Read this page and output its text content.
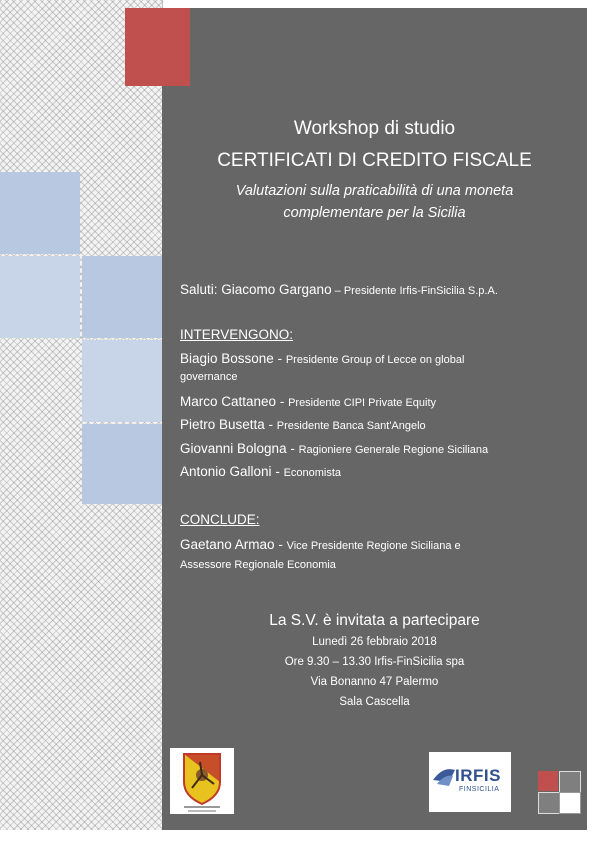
Workshop di studio
CERTIFICATI DI CREDITO FISCALE
Valutazioni sulla praticabilità di una moneta
complementare per la Sicilia
Saluti: Giacomo Gargano – Presidente Irfis-FinSicilia S.p.A.
INTERVENGONO:
Biagio Bossone - Presidente Group of Lecce on global
governance
Marco Cattaneo - Presidente CIPI Private Equity
Pietro Busetta - Presidente Banca Sant'Angelo
Giovanni Bologna - Ragioniere Generale Regione Siciliana
Antonio Galloni - Economista
CONCLUDE:
Gaetano Armao - Vice Presidente Regione Siciliana e
Assessore Regionale Economia
La S.V. è invitata a partecipare
Lunedì 26 febbraio 2018
Ore 9.30 – 13.30 Irfis-FinSicilia spa
Via Bonanno 47 Palermo
Sala Cascella
IRFIS
FINSICILIA
